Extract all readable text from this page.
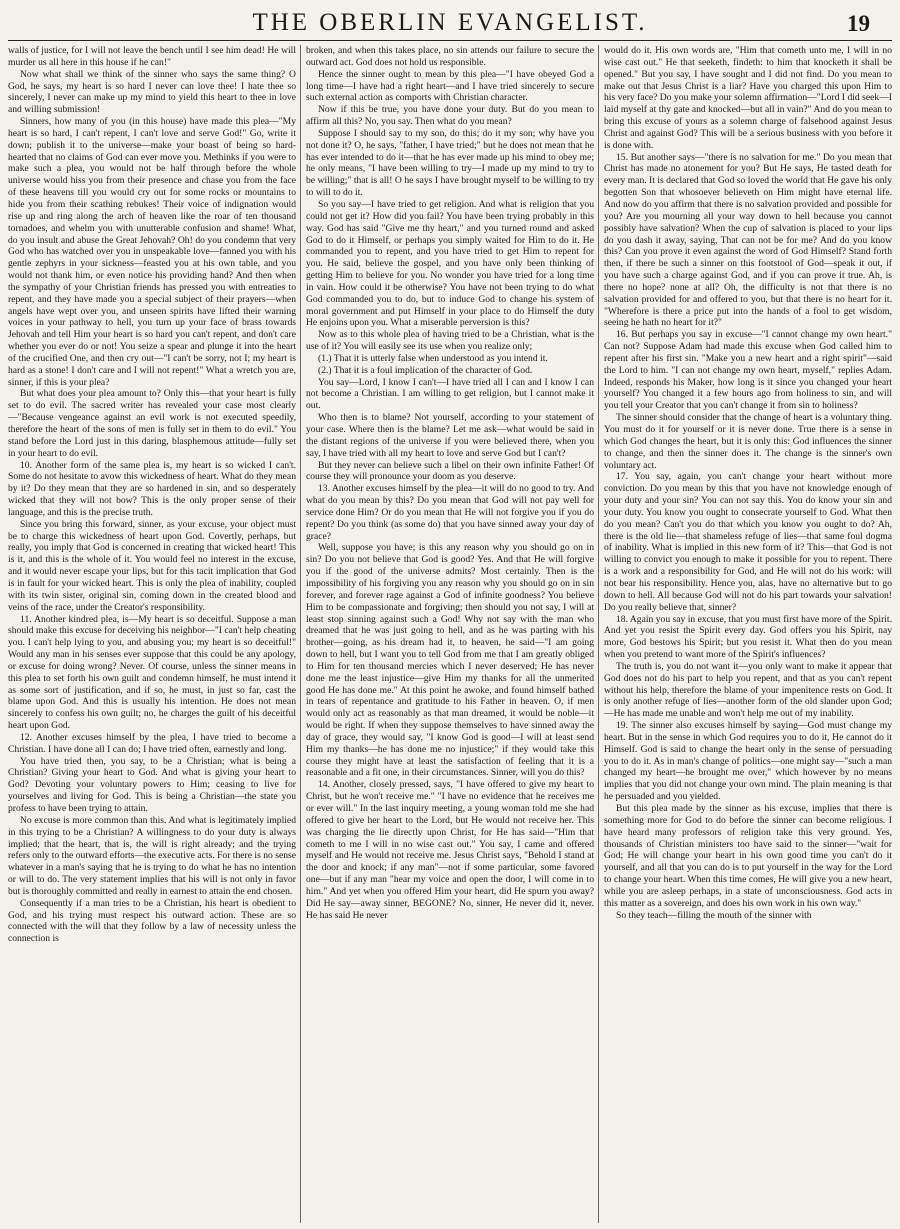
THE OBERLIN EVANGELIST.	19

walls of justice, for I will not leave the bench until I see him dead! He will murder us all here in this house if he can!"

Now what shall we think of the sinner who says the same thing? O God, he says, my heart is so hard I never can love thee! I hate thee so sincerely, I never can make up my mind to yield this heart to thee in love and willing submission!

Sinners, how many of you (in this house) have made this plea—"My heart is so hard, I can't repent, I can't love and serve God!" Go, write it down; publish it to the universe—make your boast of being so hard-hearted that no claims of God can ever move you. Methinks if you were to make such a plea, you would not be half through before the whole universe would hiss you from their presence and chase you from the face of these heavens till you would cry out for some rocks or mountains to hide you from their scathing rebukes! Their voice of indignation would rise up and ring along the arch of heaven like the roar of ten thousand tornadoes, and whelm you with unutterable confusion and shame! What, do you insult and abuse the Great Jehovah? Oh! do you condemn that very God who has watched over you in unspeakable love—fanned you with his gentle zephyrs in your sickness—feasted you at his own table, and you would not thank him, or even notice his providing hand? And then when the sympathy of your Christian friends has pressed you with entreaties to repent, and they have made you a special subject of their prayers—when angels have wept over you, and unseen spirits have lifted their warning voices in your pathway to hell, you turn up your face of brass towards Jehovah and tell Him your heart is so hard you can't repent, and don't care whether you ever do or not! You seize a spear and plunge it into the heart of the crucified One, and then cry out—"I can't be sorry, not I; my heart is hard as a stone! I don't care and I will not repent!" What a wretch you are, sinner, if this is your plea?

But what does your plea amount to? Only this—that your heart is fully set to do evil. The sacred writer has revealed your case most clearly—"Because vengeance against an evil work is not executed speedily, therefore the heart of the sons of men is fully set in them to do evil." You stand before the Lord just in this daring, blasphemous attitude—fully set in your heart to do evil.

10. Another form of the same plea is, my heart is so wicked I can't. Some do not hesitate to avow this wickedness of heart. What do they mean by it? Do they mean that they are so hardened in sin, and so desperately wicked that they will not bow? This is the only proper sense of their language, and this is the precise truth.

Since you bring this forward, sinner, as your excuse, your object must be to charge this wickedness of heart upon God. Covertly, perhaps, but really, you imply that God is concerned in creating that wicked heart! This is it, and this is the whole of it. You would feel no interest in the excuse, and it would never escape your lips, but for this tacit implication that God is in fault for your wicked heart. This is only the plea of inability, coupled with its twin sister, original sin, coming down in the created blood and veins of the race, under the Creator's responsibility.

11. Another kindred plea, is—My heart is so deceitful. Suppose a man should make this excuse for deceiving his neighbor—"I can't help cheating you. I can't help lying to you, and abusing you; my heart is so deceitful!" Would any man in his senses ever suppose that this could be any apology, or excuse for doing wrong? Never. Of course, unless the sinner means in this plea to set forth his own guilt and condemn himself, he must intend it as some sort of justification, and if so, he must, in just so far, cast the blame upon God. And this is usually his intention. He does not mean sincerely to confess his own guilt; no, he charges the guilt of his deceitful heart upon God.

12. Another excuses himself by the plea, I have tried to become a Christian. I have done all I can do; I have tried often, earnestly and long.

You have tried then, you say, to be a Christian; what is being a Christian? Giving your heart to God. And what is giving your heart to God? Devoting your voluntary powers to Him; ceasing to live for yourselves and living for God. This is being a Christian—the state you profess to have been trying to attain.

No excuse is more common than this. And what is legitimately implied in this trying to be a Christian? A willingness to do your duty is always implied; that the heart, that is, the will is right already; and the trying refers only to the outward efforts—the executive acts. For there is no sense whatever in a man's saying that he is trying to do what he has no intention or will to do. The very statement implies that his will is not only in favor but is thoroughly committed and really in earnest to attain the end chosen.

Consequently if a man tries to be a Christian, his heart is obedient to God, and his trying must respect his outward action. These are so connected with the will that they follow by a law of necessity unless the connection is

broken, and when this takes place, no sin attends our failure to secure the outward act. God does not hold us responsible.

Hence the sinner ought to mean by this plea—"I have obeyed God a long time—I have had a right heart—and I have tried sincerely to secure such external action as comports with Christian character.

Now if this be true, you have done your duty. But do you mean to affirm all this? No, you say. Then what do you mean?

Suppose I should say to my son, do this; do it my son; why have you not done it? O, he says, "father, I have tried;" but he does not mean that he has ever intended to do it—that he has ever made up his mind to obey me; he only means, "I have been willing to try—I made up my mind to try to be willing;" that is all! O he says I have brought myself to be willing to try to will to do it.

So you say—I have tried to get religion. And what is religion that you could not get it? How did you fail? You have been trying probably in this way. God has said "Give me thy heart," and you turned round and asked God to do it Himself, or perhaps you simply waited for Him to do it. He commanded you to repent, and you have tried to get Him to repent for you. He said, believe the gospel, and you have only been thinking of getting Him to believe for you. No wonder you have tried for a long time in vain. How could it be otherwise? You have not been trying to do what God commanded you to do, but to induce God to change his system of moral government and put Himself in your place to do Himself the duty He enjoins upon you. What a miserable perversion is this?

Now as to this whole plea of having tried to be a Christian, what is the use of it? You will easily see its use when you realize only;

(1.) That it is utterly false when understood as you intend it.

(2.) That it is a foul implication of the character of God.

You say—Lord, I know I can't—I have tried all I can and I know I can not become a Christian. I am willing to get religion, but I cannot make it out.

Who then is to blame? Not yourself, according to your statement of your case. Where then is the blame? Let me ask—what would be said in the distant regions of the universe if you were believed there, when you say, I have tried with all my heart to love and serve God but I can't?

But they never can believe such a libel on their own infinite Father! Of course they will pronounce your doom as you deserve.

13. Another excuses himself by the plea—it will do no good to try. And what do you mean by this? Do you mean that God will not pay well for service done Him? Or do you mean that He will not forgive you if you do repent? Do you think (as some do) that you have sinned away your day of grace?

Well, suppose you have; is this any reason why you should go on in sin? Do you not believe that God is good? Yes. And that He will forgive you if the good of the universe admits? Most certainly. Then is the impossibility of his forgiving you any reason why you should go on in sin forever, and forever rage against a God of infinite goodness? You believe Him to be compassionate and forgiving; then should you not say, I will at least stop sinning against such a God! Why not say with the man who dreamed that he was just going to hell, and as he was parting with his brother—going, as his dream had it, to heaven, he said—"I am going down to hell, but I want you to tell God from me that I am greatly obliged to Him for ten thousand mercies which I never deserved; He has never done me the least injustice—give Him my thanks for all the unmerited good He has done me." At this point he awoke, and found himself bathed in tears of repentance and gratitude to his Father in heaven. O, if men would only act as reasonably as that man dreamed, it would be noble—it would be right. If when they suppose themselves to have sinned away the day of grace, they would say, "I know God is good—I will at least send Him my thanks—he has done me no injustice;" if they would take this course they might have at least the satisfaction of feeling that it is a reasonable and a fit one, in their circumstances. Sinner, will you do this?

14. Another, closely pressed, says, "I have offered to give my heart to Christ, but he won't receive me." "I have no evidence that he receives me or ever will." In the last inquiry meeting, a young woman told me she had offered to give her heart to the Lord, but He would not receive her. This was charging the lie directly upon Christ, for He has said—"Him that cometh to me I will in no wise cast out." You say, I came and offered myself and He would not receive me. Jesus Christ says, "Behold I stand at the door and knock; if any man"—not if some particular, some favored one—but if any man "hear my voice and open the door, I will come in to him." And yet when you offered Him your heart, did He spurn you away? Did He say—away sinner, BEGONE? No, sinner, He never did it, never. He has said He never

would do it. His own words are, "Him that cometh unto me, I will in no wise cast out." He that seeketh, findeth: to him that knocketh it shall be opened." But you say, I have sought and I did not find. Do you mean to make out that Jesus Christ is a liar? Have you charged this upon Him to his very face? Do you make your solemn affirmation—"Lord I did seek—I laid myself at thy gate and knocked—but all in vain?" And do you mean to bring this excuse of yours as a solemn charge of falsehood against Jesus Christ and against God? This will be a serious business with you before it is done with.

15. But another says—"there is no salvation for me." Do you mean that Christ has made no atonement for you? But He says, He tasted death for every man. It is declared that God so loved the world that He gave his only begotten Son that whosoever believeth on Him might have eternal life. And now do you affirm that there is no salvation provided and possible for you? Are you mourning all your way down to hell because you cannot possibly have salvation? When the cup of salvation is placed to your lips do you dash it away, saying, That can not be for me? And do you know this? Can you prove it even against the word of God Himself? Stand forth then, if there be such a sinner on this footstool of God—speak it out, if you have such a charge against God, and if you can prove it true. Ah, is there no hope? none at all? Oh, the difficulty is not that there is no salvation provided for and offered to you, but that there is no heart for it. "Wherefore is there a price put into the hands of a fool to get wisdom, seeing he hath no heart for it?"

16. But perhaps you say in excuse—"I cannot change my own heart." Can not? Suppose Adam had made this excuse when God called him to repent after his first sin. "Make you a new heart and a right spirit"—said the Lord to him. "I can not change my own heart, myself," replies Adam. Indeed, responds his Maker, how long is it since you changed your heart yourself? You changed it a few hours ago from holiness to sin, and will you tell your Creator that you can't change it from sin to holiness?

The sinner should consider that the change of heart is a voluntary thing. You must do it for yourself or it is never done. True there is a sense in which God changes the heart, but it is only this: God influences the sinner to change, and then the sinner does it. The change is the sinner's own voluntary act.

17. You say, again, you can't change your heart without more conviction. Do you mean by this that you have not knowledge enough of your duty and your sin? You can not say this. You do know your sin and your duty. You know you ought to consecrate yourself to God. What then do you mean? Can't you do that which you know you ought to do? Ah, there is the old lie—that shameless refuge of lies—that same foul dogma of inability. What is implied in this new form of it? This—that God is not willing to convict you enough to make it possible for you to repent. There is a work and a responsibility for God, and He will not do his work: will not bear his responsibility. Hence you, alas, have no alternative but to go down to hell. All because God will not do his part towards your salvation! Do you really believe that, sinner?

18. Again you say in excuse, that you must first have more of the Spirit. And yet you resist the Spirit every day. God offers you his Spirit, nay more, God bestows his Spirit; but you resist it. What then do you mean when you pretend to want more of the Spirit's influences?

The truth is, you do not want it—you only want to make it appear that God does not do his part to help you repent, and that as you can't repent without his help, therefore the blame of your impenitence rests on God. It is only another refuge of lies—another form of the old slander upon God;—He has made me unable and won't help me out of my inability.

19. The sinner also excuses himself by saying—God must change my heart. But in the sense in which God requires you to do it, He cannot do it Himself. God is said to change the heart only in the sense of persuading you to do it. As in man's change of politics—one might say—"such a man changed my heart—he brought me over," which however by no means implies that you did not change your own mind. The plain meaning is that he persuaded and you yielded.

But this plea made by the sinner as his excuse, implies that there is something more for God to do before the sinner can become religious. I have heard many professors of religion take this very ground. Yes, thousands of Christian ministers too have said to the sinner—"wait for God; He will change your heart in his own good time you can't do it yourself, and all that you can do is to put yourself in the way for the Lord to change your heart. When this time comes, He will give you a new heart, while you are asleep perhaps, in a state of unconsciousness. God acts in this matter as a sovereign, and does his own work in his own way."

So they teach—filling the mouth of the sinner with
